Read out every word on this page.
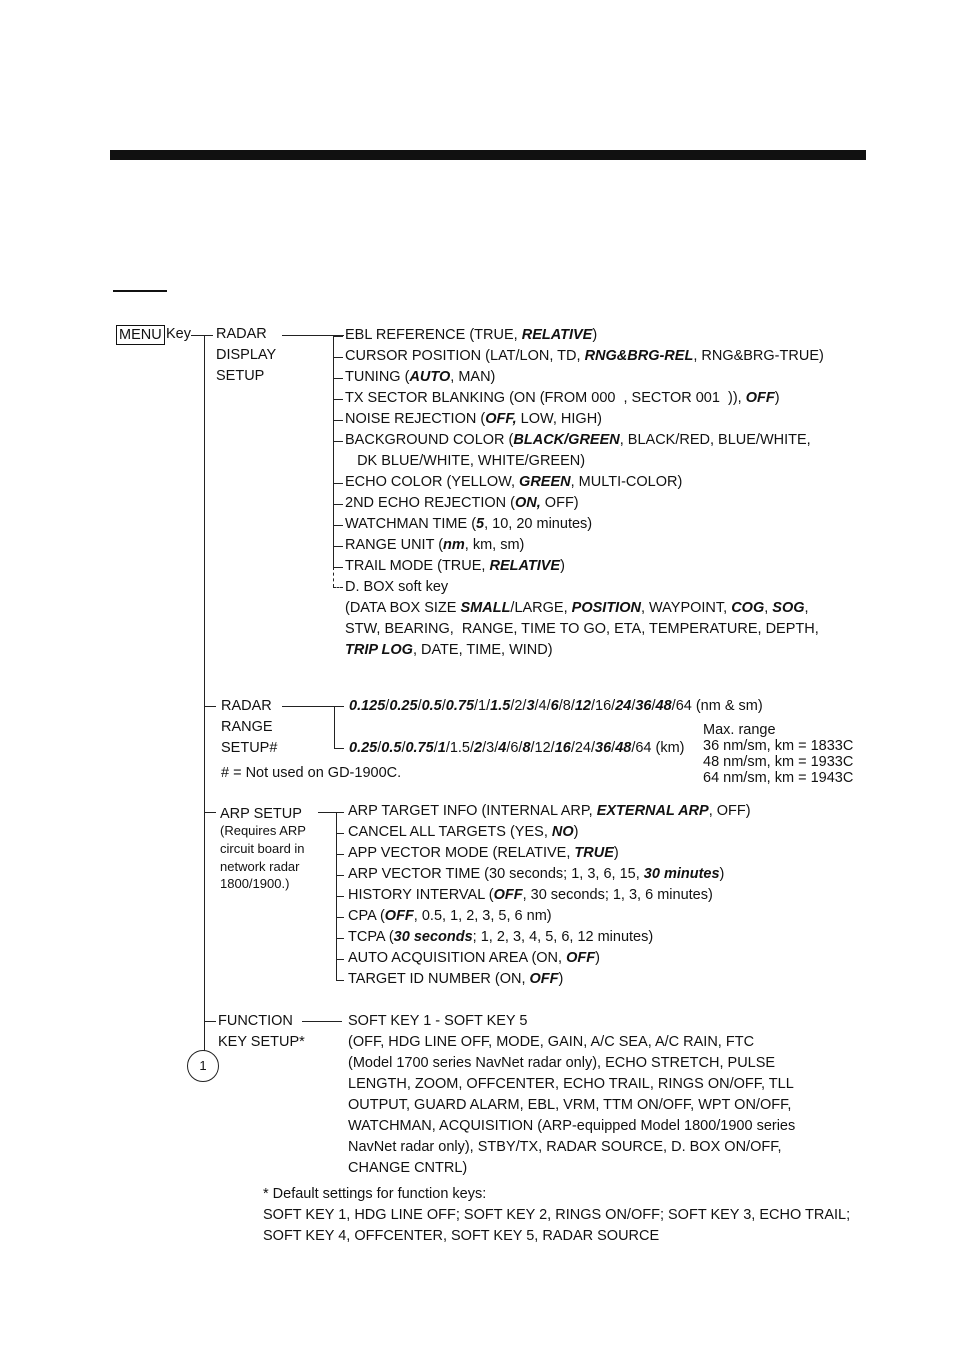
MENU Key
1
RADAR
DISPLAY
SETUP
EBL REFERENCE (TRUE, RELATIVE)
CURSOR POSITION (LAT/LON, TD, RNG&BRG-REL, RNG&BRG-TRUE)
TUNING (AUTO, MAN)
TX SECTOR BLANKING (ON (FROM 000  , SECTOR 001  )), OFF)
NOISE REJECTION (OFF, LOW, HIGH)
BACKGROUND COLOR (BLACK/GREEN, BLACK/RED, BLUE/WHITE,
DK BLUE/WHITE, WHITE/GREEN)
ECHO COLOR (YELLOW, GREEN, MULTI-COLOR)
2ND ECHO REJECTION (ON, OFF)
WATCHMAN TIME (5, 10, 20 minutes)
RANGE UNIT (nm, km, sm)
TRAIL MODE (TRUE, RELATIVE)
D. BOX soft key
(DATA BOX SIZE SMALL/LARGE, POSITION, WAYPOINT, COG, SOG,
STW, BEARING,  RANGE, TIME TO GO, ETA, TEMPERATURE, DEPTH,
TRIP LOG, DATE, TIME, WIND)
RADAR
RANGE
SETUP#
0.125/0.25/0.5/0.75/1/1.5/2/3/4/6/8/12/16/24/36/48/64 (nm & sm)
0.25/0.5/0.75/1/1.5/2/3/4/6/8/12/16/24/36/48/64 (km)
# = Not used on GD-1900C.
Max. range
36 nm/sm, km = 1833C
48 nm/sm, km = 1933C
64 nm/sm, km = 1943C
ARP SETUP
(Requires ARP
circuit board in
network radar
1800/1900.)
ARP TARGET INFO (INTERNAL ARP, EXTERNAL ARP, OFF)
CANCEL ALL TARGETS (YES, NO)
APP VECTOR MODE (RELATIVE, TRUE)
ARP VECTOR TIME (30 seconds; 1, 3, 6, 15, 30 minutes)
HISTORY INTERVAL (OFF, 30 seconds; 1, 3, 6 minutes)
CPA (OFF, 0.5, 1, 2, 3, 5, 6 nm)
TCPA (30 seconds; 1, 2, 3, 4, 5, 6, 12 minutes)
AUTO ACQUISITION AREA (ON, OFF)
TARGET ID NUMBER (ON, OFF)
FUNCTION
KEY SETUP*
SOFT KEY 1 - SOFT KEY 5
(OFF, HDG LINE OFF, MODE, GAIN, A/C SEA, A/C RAIN, FTC
(Model 1700 series NavNet radar only), ECHO STRETCH, PULSE
LENGTH, ZOOM, OFFCENTER, ECHO TRAIL, RINGS ON/OFF, TLL
OUTPUT, GUARD ALARM, EBL, VRM, TTM ON/OFF, WPT ON/OFF,
WATCHMAN, ACQUISITION (ARP-equipped Model 1800/1900 series
NavNet radar only), STBY/TX, RADAR SOURCE, D. BOX ON/OFF,
CHANGE CNTRL)
* Default settings for function keys:
SOFT KEY 1, HDG LINE OFF; SOFT KEY 2, RINGS ON/OFF; SOFT KEY 3, ECHO TRAIL;
SOFT KEY 4, OFFCENTER, SOFT KEY 5, RADAR SOURCE
